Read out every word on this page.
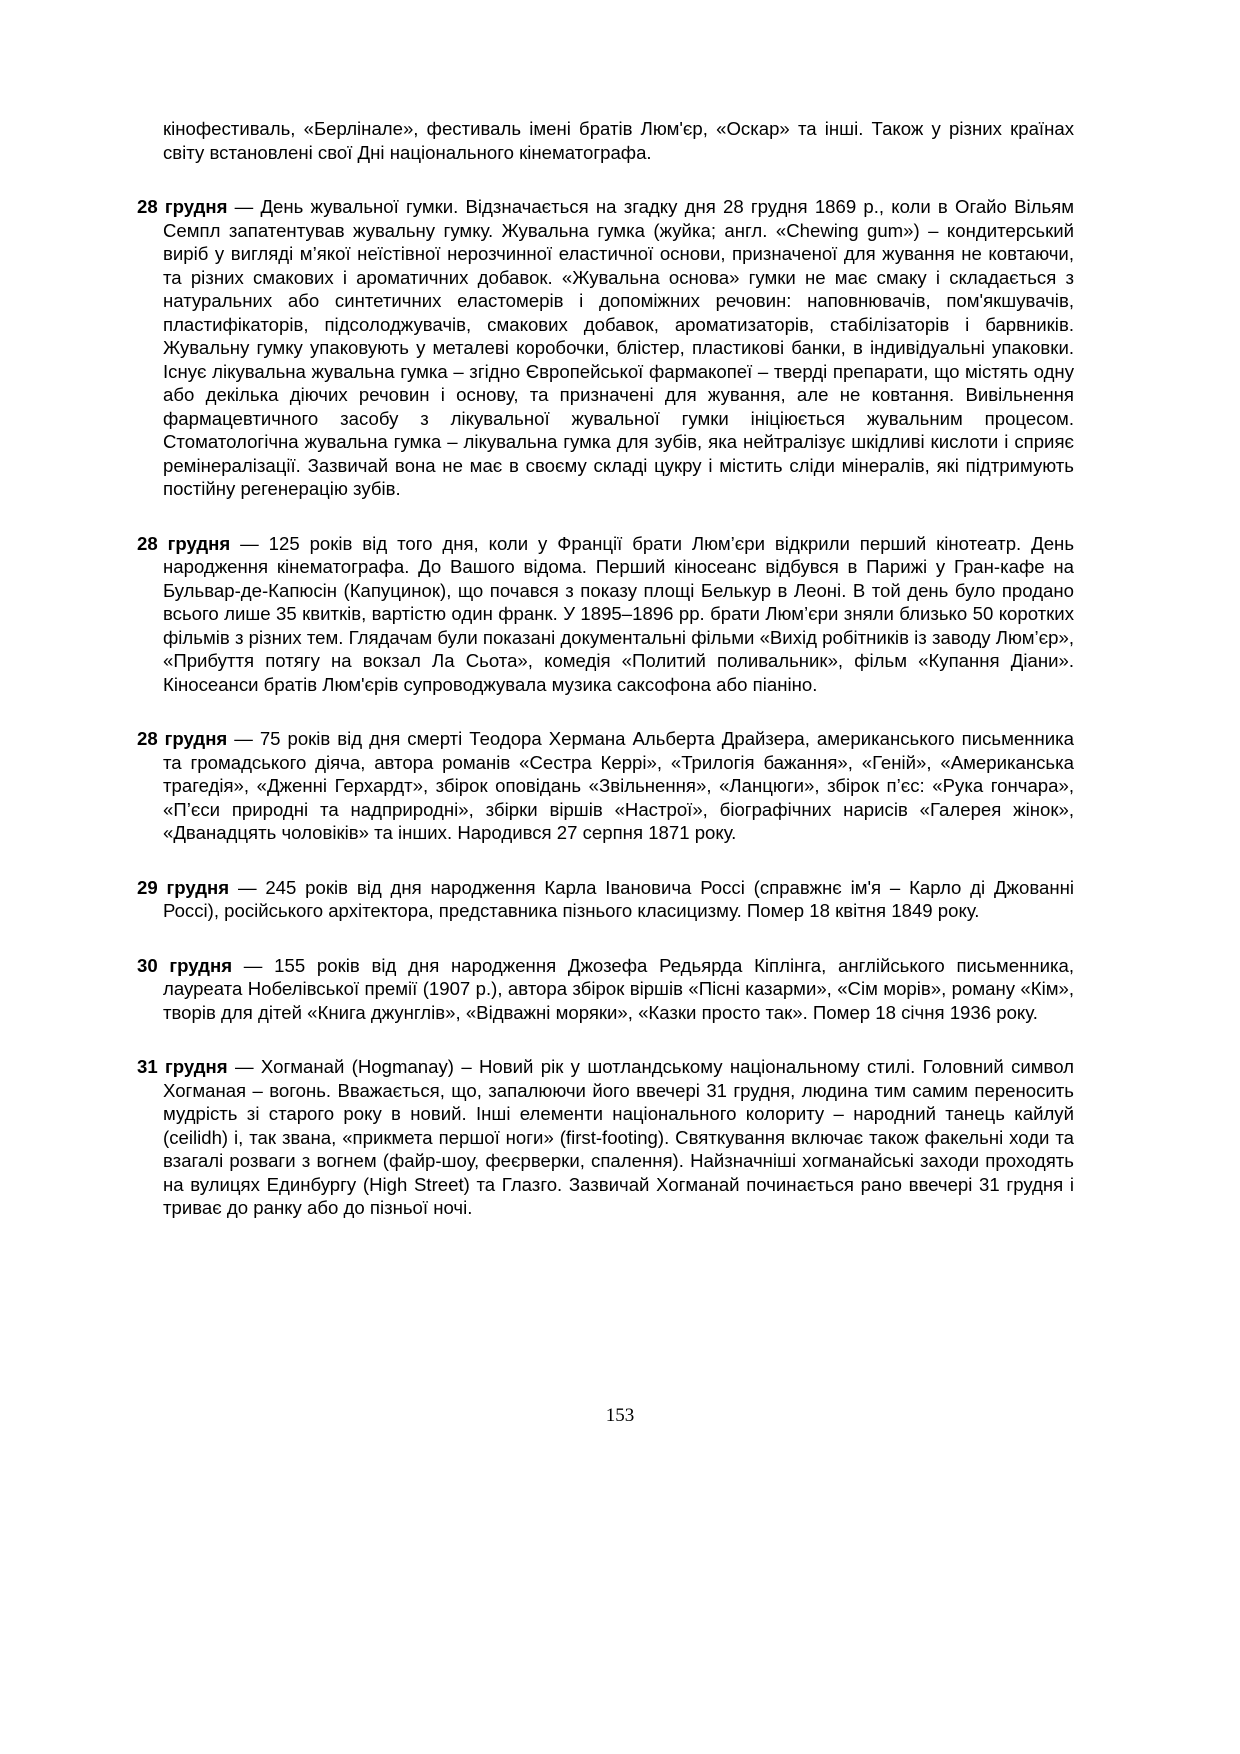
кінофестиваль, «Берлінале», фестиваль імені братів Люм'єр, «Оскар» та інші. Також у різних країнах світу встановлені свої Дні національного кінематографа.

28 грудня — День жувальної гумки. Відзначається на згадку дня 28 грудня 1869 р., коли в Огайо Вільям Семпл запатентував жувальну гумку. Жувальна гумка (жуйка; англ. «Chewing gum») – кондитерський виріб у вигляді м’якої неїстівної нерозчинної еластичної основи, призначеної для жування не ковтаючи, та різних смакових і ароматичних добавок. «Жувальна основа» гумки не має смаку і складається з натуральних або синтетичних еластомерів і допоміжних речовин: наповнювачів, пом'якшувачів, пластифікаторів, підсолоджувачів, смакових добавок, ароматизаторів, стабілізаторів і барвників. Жувальну гумку упаковують у металеві коробочки, блістер, пластикові банки, в індивідуальні упаковки. Існує лікувальна жувальна гумка – згідно Європейської фармакопеї – тверді препарати, що містять одну або декілька діючих речовин і основу, та призначені для жування, але не ковтання. Вивільнення фармацевтичного засобу з лікувальної жувальної гумки ініціюється жувальним процесом. Стоматологічна жувальна гумка – лікувальна гумка для зубів, яка нейтралізує шкідливі кислоти і сприяє ремінералізації. Зазвичай вона не має в своєму складі цукру і містить сліди мінералів, які підтримують постійну регенерацію зубів.

28 грудня — 125 років від того дня, коли у Франції брати Люм’єри відкрили перший кінотеатр. День народження кінематографа. До Вашого відома. Перший кіносеанс відбувся в Парижі у Гран-кафе на Бульвар-де-Капюсін (Капуцинок), що почався з показу площі Белькур в Леоні. В той день було продано всього лише 35 квитків, вартістю один франк. У 1895–1896 рр. брати Люм’єри зняли близько 50 коротких фільмів з різних тем. Глядачам були показані документальні фільми «Вихід робітників із заводу Люм’єр», «Прибуття потягу на вокзал Ла Сьота», комедія «Политий поливальник», фільм «Купання Діани». Кіносеанси братів Люм'єрів супроводжувала музика саксофона або піаніно.

28 грудня — 75 років від дня смерті Теодора Хермана Альберта Драйзера, американського письменника та громадського діяча, автора романів «Сестра Керрі», «Трилогія бажання», «Геній», «Американська трагедія», «Дженні Герхардт», збірок оповідань «Звільнення», «Ланцюги», збірок п’єс: «Рука гончара», «П’єси природні та надприродні», збірки віршів «Настрої», біографічних нарисів «Галерея жінок», «Дванадцять чоловіків» та інших. Народився 27 серпня 1871 року.

29 грудня — 245 років від дня народження Карла Івановича Россі (справжнє ім'я – Карло ді Джованні Россі), російського архітектора, представника пізнього класицизму. Помер 18 квітня 1849 року.

30 грудня — 155 років від дня народження Джозефа Редьярда Кіплінга, англійського письменника, лауреата Нобелівської премії (1907 р.), автора збірок віршів «Пісні казарми», «Сім морів», роману «Кім», творів для дітей «Книга джунглів», «Відважні моряки», «Казки просто так». Помер 18 січня 1936 року.

31 грудня — Хогманай (Hogmanay) – Новий рік у шотландському національному стилі. Головний символ Хогманая – вогонь. Вважається, що, запалюючи його ввечері 31 грудня, людина тим самим переносить мудрість зі старого року в новий. Інші елементи національного колориту – народний танець кайлуй (ceilidh) і, так звана, «прикмета першої ноги» (first-footing). Святкування включає також факельні ходи та взагалі розваги з вогнем (файр-шоу, феєрверки, спалення). Найзначніші хогманайські заходи проходять на вулицях Единбургу (High Street) та Глазго. Зазвичай Хогманай починається рано ввечері 31 грудня і триває до ранку або до пізньої ночі.

153
